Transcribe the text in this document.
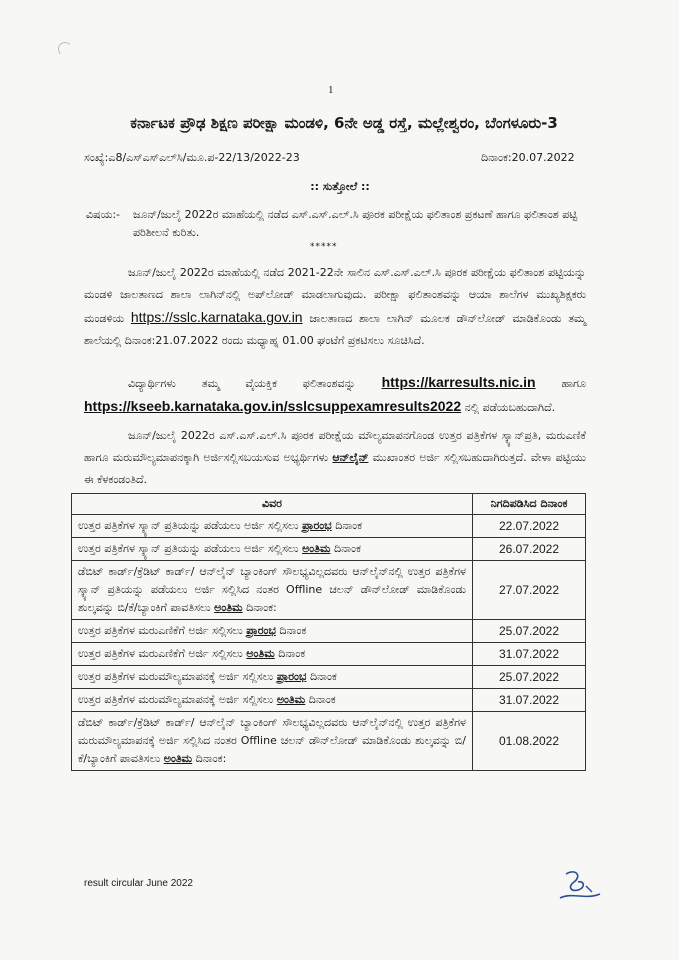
1
ಕರ್ನಾಟಕ ಪ್ರೌಢ ಶಿಕ್ಷಣ ಪರೀಕ್ಷಾ ಮಂಡಳಿ, 6ನೇ ಅಡ್ಡ ರಸ್ತೆ, ಮಲ್ಲೇಶ್ವರಂ, ಬೆಂಗಳೂರು-3
ಸಂಖ್ಯೆ:ಎ8/ಎಸ್‌ಎಸ್‌ಎಲ್‌ಸಿ/ಮೂ.ಪ-22/13/2022-23	ದಿನಾಂಕ:20.07.2022
:: ಸುತ್ತೋಲೆ ::
ವಿಷಯ:- ಜೂನ್/ಜುಲೈ 2022ರ ಮಾಹೆಯಲ್ಲಿ ನಡೆದ ಎಸ್.ಎಸ್.ಎಲ್.ಸಿ ಪೂರಕ ಪರೀಕ್ಷೆಯ ಫಲಿತಾಂಶ ಪ್ರಕಟಣೆ ಹಾಗೂ ಫಲಿತಾಂಶ ಪಟ್ಟಿ ಪರಿಶೀಲನೆ ಕುರಿತು.
*****
ಜೂನ್/ಜುಲೈ 2022ರ ಮಾಹೆಯಲ್ಲಿ ನಡೆದ 2021-22ನೇ ಸಾಲಿನ ಎಸ್.ಎಸ್.ಎಲ್.ಸಿ ಪೂರಕ ಪರೀಕ್ಷೆಯ ಫಲಿತಾಂಶ ಪಟ್ಟಿಯನ್ನು ಮಂಡಳಿ ಜಾಲತಾಣದ ಶಾಲಾ ಲಾಗಿನ್‌ನಲ್ಲಿ ಅಪ್‌ಲೋಡ್ ಮಾಡಲಾಗುವುದು. ಪರೀಕ್ಷಾ ಫಲಿತಾಂಶವನ್ನು ಆಯಾ ಶಾಲೆಗಳ ಮುಖ್ಯಶಿಕ್ಷಕರು ಮಂಡಳಿಯ https://sslc.karnataka.gov.in ಜಾಲತಾಣದ ಶಾಲಾ ಲಾಗಿನ್ ಮೂಲಕ ಡೌನ್‌ಲೋಡ್ ಮಾಡಿಕೊಂಡು ತಮ್ಮ ಶಾಲೆಯಲ್ಲಿ ದಿನಾಂಕ:21.07.2022 ರಂದು ಮಧ್ಯಾಹ್ನ 01.00 ಘಂಟೆಗೆ ಪ್ರಕಟಿಸಲು ಸೂಚಿಸಿದೆ.
ವಿದ್ಯಾರ್ಥಿಗಳು ತಮ್ಮ ವೈಯಕ್ತಿಕ ಫಲಿತಾಂಶವನ್ನು https://karresults.nic.in ಹಾಗೂ https://kseeb.karnataka.gov.in/sslcsuppexamresults2022 ನಲ್ಲಿ ಪಡೆಯಬಹುದಾಗಿದೆ.
ಜೂನ್/ಜುಲೈ 2022ರ ಎಸ್.ಎಸ್.ಎಲ್.ಸಿ ಪೂರಕ ಪರೀಕ್ಷೆಯ ಮೌಲ್ಯಮಾಪನಗೊಂಡ ಉತ್ತರ ಪತ್ರಿಕೆಗಳ ಸ್ಕ್ಯಾನ್‌ಪ್ರತಿ, ಮರುಎಣಿಕೆ ಹಾಗೂ ಮರುಮೌಲ್ಯಮಾಪನಕ್ಕಾಗಿ ಅರ್ಜಿಸಲ್ಲಿಸಬಯಸುವ ಅಭ್ಯರ್ಥಿಗಳು ಆನ್‌ಲೈನ್ ಮುಖಾಂತರ ಅರ್ಜಿ ಸಲ್ಲಿಸಬಹುದಾಗಿರುತ್ತದೆ. ವೇಳಾ ಪಟ್ಟಿಯು ಈ ಕೆಳಕಂಡಂತಿದೆ.
ವಿವರ	ನಿಗದಿಪಡಿಸಿದ ದಿನಾಂಕ
ಉತ್ತರ ಪತ್ರಿಕೆಗಳ ಸ್ಕ್ಯಾನ್ ಪ್ರತಿಯನ್ನು ಪಡೆಯಲು ಅರ್ಜಿ ಸಲ್ಲಿಸಲು ಪ್ರಾರಂಭ ದಿನಾಂಕ	22.07.2022
ಉತ್ತರ ಪತ್ರಿಕೆಗಳ ಸ್ಕ್ಯಾನ್ ಪ್ರತಿಯನ್ನು ಪಡೆಯಲು ಅರ್ಜಿ ಸಲ್ಲಿಸಲು ಅಂತಿಮ ದಿನಾಂಕ	26.07.2022
ಡೆಬಿಟ್ ಕಾರ್ಡ್/ಕ್ರೆಡಿಟ್ ಕಾರ್ಡ್/ ಆನ್‌ಲೈನ್ ಬ್ಯಾಂಕಿಂಗ್ ಸೌಲಭ್ಯವಿಲ್ಲದವರು ಆನ್‌ಲೈನ್‌ನಲ್ಲಿ ಉತ್ತರ ಪತ್ರಿಕೆಗಳ ಸ್ಕ್ಯಾನ್ ಪ್ರತಿಯನ್ನು ಪಡೆಯಲು ಅರ್ಜಿ ಸಲ್ಲಿಸಿದ ನಂತರ Offline ಚಲನ್ ಡೌನ್‌ಲೋಡ್ ಮಾಡಿಕೊಂಡು ಶುಲ್ಕವನ್ನು ಬಿ/ಕೆ/ಬ್ಯಾಂಕಿಗೆ ಪಾವತಿಸಲು ಅಂತಿಮ ದಿನಾಂಕ:	27.07.2022
ಉತ್ತರ ಪತ್ರಿಕೆಗಳ ಮರುಎಣಿಕೆಗೆ ಅರ್ಜಿ ಸಲ್ಲಿಸಲು ಪ್ರಾರಂಭ ದಿನಾಂಕ	25.07.2022
ಉತ್ತರ ಪತ್ರಿಕೆಗಳ ಮರುಎಣಿಕೆಗೆ ಅರ್ಜಿ ಸಲ್ಲಿಸಲು ಅಂತಿಮ ದಿನಾಂಕ	31.07.2022
ಉತ್ತರ ಪತ್ರಿಕೆಗಳ ಮರುಮೌಲ್ಯಮಾಪನಕ್ಕೆ ಅರ್ಜಿ ಸಲ್ಲಿಸಲು ಪ್ರಾರಂಭ ದಿನಾಂಕ	25.07.2022
ಉತ್ತರ ಪತ್ರಿಕೆಗಳ ಮರುಮೌಲ್ಯಮಾಪನಕ್ಕೆ ಅರ್ಜಿ ಸಲ್ಲಿಸಲು ಅಂತಿಮ ದಿನಾಂಕ	31.07.2022
ಡೆಬಿಟ್ ಕಾರ್ಡ್/ಕ್ರೆಡಿಟ್ ಕಾರ್ಡ್/ ಆನ್‌ಲೈನ್ ಬ್ಯಾಂಕಿಂಗ್ ಸೌಲಭ್ಯವಿಲ್ಲದವರು ಆನ್‌ಲೈನ್‌ನಲ್ಲಿ ಉತ್ತರ ಪತ್ರಿಕೆಗಳ ಮರುಮೌಲ್ಯಮಾಪನಕ್ಕೆ ಅರ್ಜಿ ಸಲ್ಲಿಸಿದ ನಂತರ Offline ಚಲನ್ ಡೌನ್‌ಲೋಡ್ ಮಾಡಿಕೊಂಡು ಶುಲ್ಕವನ್ನು ಬಿ/ಕೆ/ಬ್ಯಾಂಕಿಗೆ ಪಾವತಿಸಲು ಅಂತಿಮ ದಿನಾಂಕ:	01.08.2022
result circular June 2022
